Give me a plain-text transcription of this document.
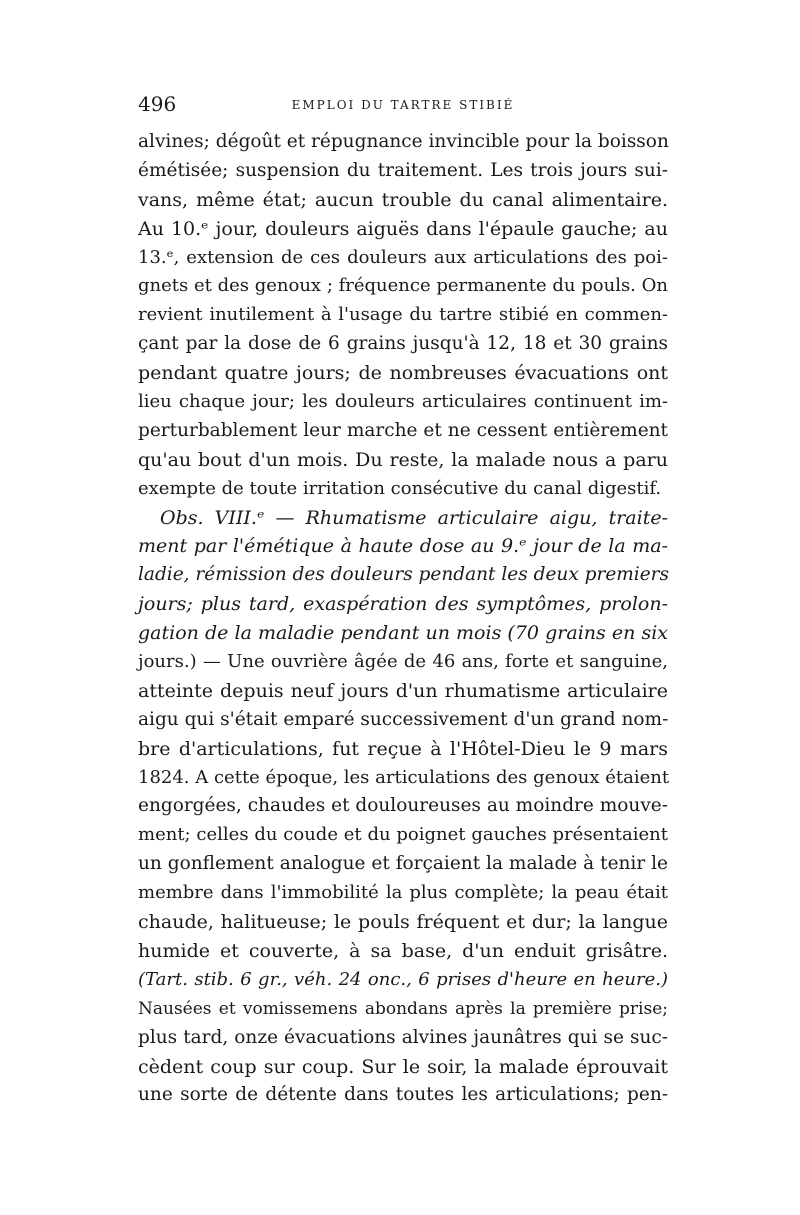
496	EMPLOI DU TARTRE STIBIÉ
alvines; dégoût et répugnance invincible pour la boisson
émétisée; suspension du traitement. Les trois jours sui-
vans, même état; aucun trouble du canal alimentaire.
Au 10.ᵉ jour, douleurs aiguës dans l'épaule gauche; au
13.ᵉ, extension de ces douleurs aux articulations des poi-
gnets et des genoux ; fréquence permanente du pouls. On
revient inutilement à l'usage du tartre stibié en commen-
çant par la dose de 6 grains jusqu'à 12, 18 et 30 grains
pendant quatre jours; de nombreuses évacuations ont
lieu chaque jour; les douleurs articulaires continuent im-
perturbablement leur marche et ne cessent entièrement
qu'au bout d'un mois. Du reste, la malade nous a paru
exempte de toute irritation consécutive du canal digestif.
Obs. VIII.ᵉ — Rhumatisme articulaire aigu, traite-
ment par l'émétique à haute dose au 9.ᵉ jour de la ma-
ladie, rémission des douleurs pendant les deux premiers
jours; plus tard, exaspération des symptômes, prolon-
gation de la maladie pendant un mois (70 grains en six
jours.) — Une ouvrière âgée de 46 ans, forte et sanguine,
atteinte depuis neuf jours d'un rhumatisme articulaire
aigu qui s'était emparé successivement d'un grand nom-
bre d'articulations, fut reçue à l'Hôtel-Dieu le 9 mars
1824. A cette époque, les articulations des genoux étaient
engorgées, chaudes et douloureuses au moindre mouve-
ment; celles du coude et du poignet gauches présentaient
un gonflement analogue et forçaient la malade à tenir le
membre dans l'immobilité la plus complète; la peau était
chaude, halitueuse; le pouls fréquent et dur; la langue
humide et couverte, à sa base, d'un enduit grisâtre.
(Tart. stib. 6 gr., véh. 24 onc., 6 prises d'heure en heure.)
Nausées et vomissemens abondans après la première prise;
plus tard, onze évacuations alvines jaunâtres qui se suc-
cèdent coup sur coup. Sur le soir, la malade éprouvait
une sorte de détente dans toutes les articulations; pen-
